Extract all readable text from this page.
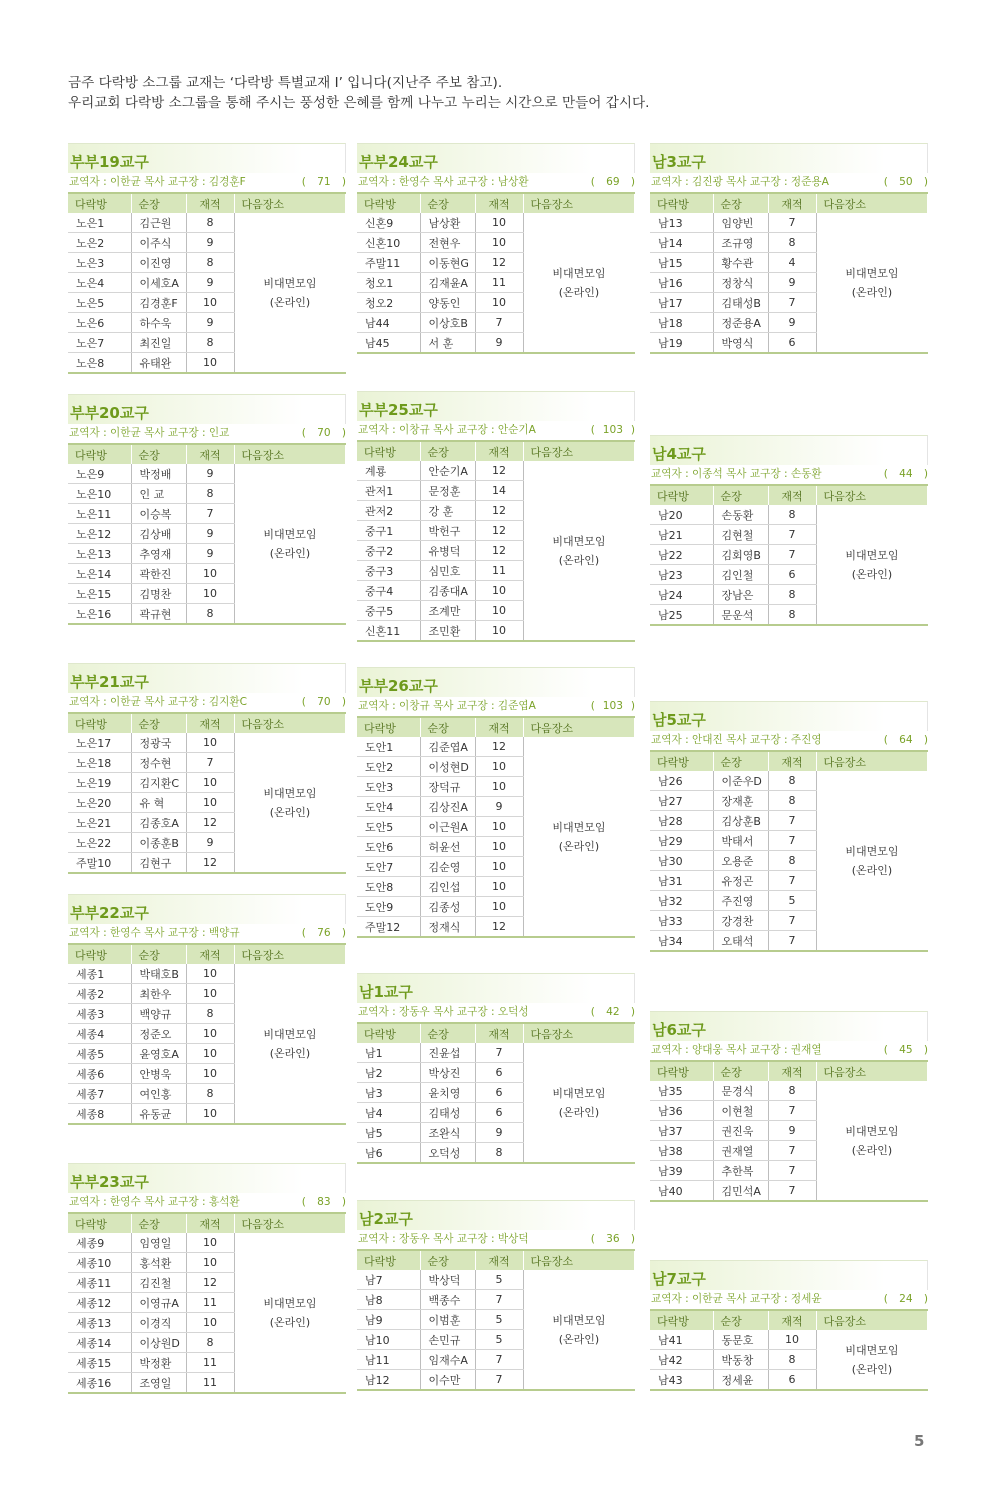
금주 다락방 소그룹 교재는 ‘다락방 특별교재 Ⅰ’ 입니다(지난주 주보 참고).
우리교회 다락방 소그룹을 통해 주시는 풍성한 은혜를 함께 나누고 누리는 시간으로 만들어 갑시다.
부부19교구
교역자 : 이한균 목사 교구장 : 김경훈F	( 71 )
다락방	순장	재적	다음장소
노은1	김근원	8	비대면모임
(온라인)
노은2	이주식	9	
노은3	이진영	8	
노은4	이세호A	9	
노은5	김경훈F	10	
노은6	하수욱	9	
노은7	최진일	8	
노은8	유태완	10	
부부20교구
교역자 : 이한균 목사 교구장 : 인교	( 70 )
다락방	순장	재적	다음장소
노은9	박정배	9	비대면모임
(온라인)
노은10	인 교	8	
노은11	이승복	7	
노은12	김상배	9	
노은13	추영재	9	
노은14	곽한진	10	
노은15	김명찬	10	
노은16	곽규현	8	
부부21교구
교역자 : 이한균 목사 교구장 : 김지환C	( 70 )
다락방	순장	재적	다음장소
노은17	정광국	10	비대면모임
(온라인)
노은18	정수현	7	
노은19	김지환C	10	
노은20	유 혁	10	
노은21	김종호A	12	
노은22	이종훈B	9	
주말10	김현구	12	
부부22교구
교역자 : 한영수 목사 교구장 : 백양규	( 76 )
다락방	순장	재적	다음장소
세종1	박태호B	10	비대면모임
(온라인)
세종2	최한우	10	
세종3	백양규	8	
세종4	정준오	10	
세종5	윤영호A	10	
세종6	안병욱	10	
세종7	여인홍	8	
세종8	유동균	10	
부부23교구
교역자 : 한영수 목사 교구장 : 홍석환	( 83 )
다락방	순장	재적	다음장소
세종9	임영일	10	비대면모임
(온라인)
세종10	홍석환	10	
세종11	김진철	12	
세종12	이영규A	11	
세종13	이경직	10	
세종14	이상원D	8	
세종15	박정환	11	
세종16	조영일	11	
부부24교구
교역자 : 한영수 목사 교구장 : 남상환	( 69 )
다락방	순장	재적	다음장소
신혼9	남상환	10	비대면모임
(온라인)
신혼10	전현우	10	
주말11	이동현G	12	
청오1	김재윤A	11	
청오2	양동인	10	
남44	이상호B	7	
남45	서 훈	9	
부부25교구
교역자 : 이창규 목사 교구장 : 안순기A	( 103 )
다락방	순장	재적	다음장소
계룡	안순기A	12	비대면모임
(온라인)
관저1	문정훈	14	
관저2	강 훈	12	
중구1	박헌구	12	
중구2	유병덕	12	
중구3	심민호	11	
중구4	김종대A	10	
중구5	조계만	10	
신혼11	조민환	10	
부부26교구
교역자 : 이창규 목사 교구장 : 김준엽A	( 103 )
다락방	순장	재적	다음장소
도안1	김준엽A	12	비대면모임
(온라인)
도안2	이성현D	10	
도안3	장덕규	10	
도안4	김상진A	9	
도안5	이근원A	10	
도안6	허윤선	10	
도안7	김순영	10	
도안8	김인섭	10	
도안9	김종성	10	
주말12	정재식	12	
남1교구
교역자 : 장동우 목사 교구장 : 오덕성	( 42 )
다락방	순장	재적	다음장소
남1	진윤섭	7	비대면모임
(온라인)
남2	박상진	6	
남3	윤치영	6	
남4	김태성	6	
남5	조완식	9	
남6	오덕성	8	
남2교구
교역자 : 장동우 목사 교구장 : 박상덕	( 36 )
다락방	순장	재적	다음장소
남7	박상덕	5	비대면모임
(온라인)
남8	백종수	7	
남9	이범훈	5	
남10	손민규	5	
남11	임재수A	7	
남12	이수만	7	
남3교구
교역자 : 김진광 목사 교구장 : 정준용A	( 50 )
다락방	순장	재적	다음장소
남13	임양빈	7	비대면모임
(온라인)
남14	조규영	8	
남15	황수관	4	
남16	정창식	9	
남17	김태성B	7	
남18	정준용A	9	
남19	박영식	6	
남4교구
교역자 : 이종석 목사 교구장 : 손동환	( 44 )
다락방	순장	재적	다음장소
남20	손동환	8	비대면모임
(온라인)
남21	김현철	7	
남22	김회영B	7	
남23	김인철	6	
남24	장남은	8	
남25	문운석	8	
남5교구
교역자 : 안대진 목사 교구장 : 주진영	( 64 )
다락방	순장	재적	다음장소
남26	이준우D	8	비대면모임
(온라인)
남27	장재훈	8	
남28	김상훈B	7	
남29	박태서	7	
남30	오용준	8	
남31	유정곤	7	
남32	주진영	5	
남33	강경찬	7	
남34	오태석	7	
남6교구
교역자 : 양대웅 목사 교구장 : 권재열	( 45 )
다락방	순장	재적	다음장소
남35	문경식	8	비대면모임
(온라인)
남36	이현철	7	
남37	권진욱	9	
남38	권재열	7	
남39	추한복	7	
남40	김민석A	7	
남7교구
교역자 : 이한균 목사 교구장 : 정세윤	( 24 )
다락방	순장	재적	다음장소
남41	동문호	10	비대면모임
(온라인)
남42	박동창	8	
남43	정세윤	6	
5
